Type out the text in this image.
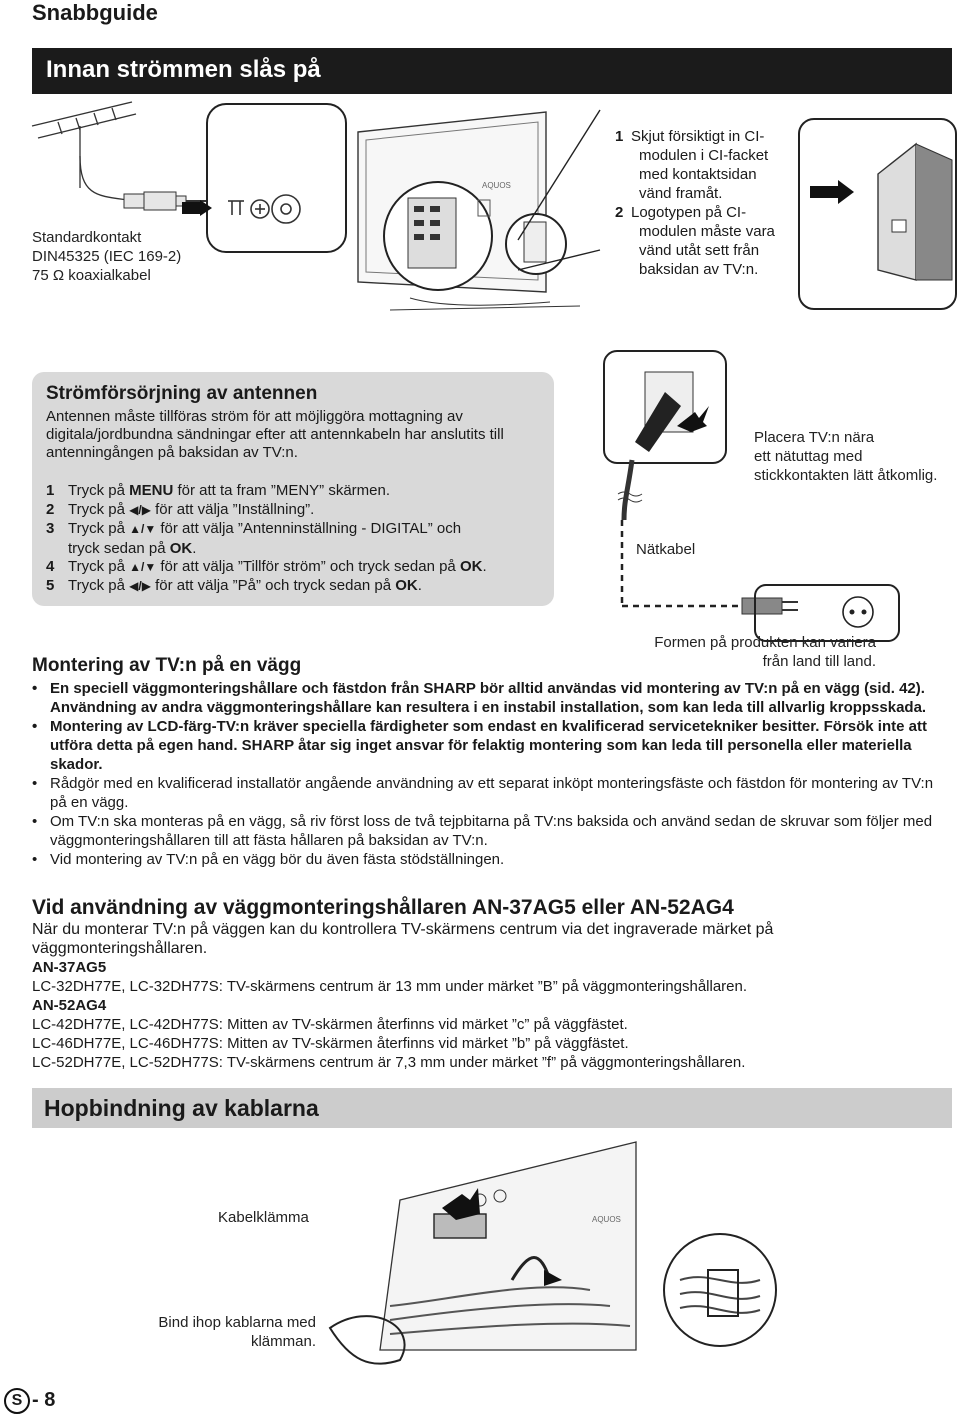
Snabbguide
Innan strömmen slås på
Standardkontakt
DIN45325 (IEC 169-2)
75 Ω koaxialkabel
AQUOS
1 Skjut försiktigt in CI-
modulen i CI-facket
med kontaktsidan
vänd framåt.
2 Logotypen på CI-
modulen måste vara
vänd utåt sett från
baksidan av TV:n.
Strömförsörjning av antennen
Antennen måste tillföras ström för att möjliggöra mottagning av digitala/jordbundna sändningar efter att antennkabeln har anslutits till antenningången på baksidan av TV:n.
1 Tryck på MENU för att ta fram ”MENY” skärmen.
2 Tryck på ◀/▶ för att välja ”Inställning”.
3 Tryck på ▲/▼ för att välja ”Antenninställning - DIGITAL” och
tryck sedan på OK.
4 Tryck på ▲/▼ för att välja ”Tillför ström” och tryck sedan på OK.
5 Tryck på ◀/▶ för att välja ”På” och tryck sedan på OK.
Placera TV:n nära
ett nätuttag med
stickkontakten lätt åtkomlig.
Nätkabel
Formen på produkten kan variera
från land till land.
Montering av TV:n på en vägg
• En speciell väggmonteringshållare och fästdon från SHARP bör alltid användas vid montering av TV:n på en vägg (sid. 42). Användning av andra väggmonteringshållare kan resultera i en instabil installation, som kan leda till allvarlig kroppsskada.
• Montering av LCD-färg-TV:n kräver speciella färdigheter som endast en kvalificerad servicetekniker besitter. Försök inte att utföra detta på egen hand. SHARP åtar sig inget ansvar för felaktig montering som kan leda till personella eller materiella skador.
• Rådgör med en kvalificerad installatör angående användning av ett separat inköpt monteringsfäste och fästdon för montering av TV:n på en vägg.
• Om TV:n ska monteras på en vägg, så riv först loss de två tejpbitarna på TV:ns baksida och använd sedan de skruvar som följer med väggmonteringshållaren till att fästa hållaren på baksidan av TV:n.
• Vid montering av TV:n på en vägg bör du även fästa stödställningen.
Vid användning av väggmonteringshållaren AN-37AG5 eller AN-52AG4
När du monterar TV:n på väggen kan du kontrollera TV-skärmens centrum via det ingraverade märket på
väggmonteringshållaren.
AN-37AG5
LC-32DH77E, LC-32DH77S: TV-skärmens centrum är 13 mm under märket ”B” på väggmonteringshållaren.
AN-52AG4
LC-42DH77E, LC-42DH77S: Mitten av TV-skärmen återfinns vid märket ”c” på väggfästet.
LC-46DH77E, LC-46DH77S: Mitten av TV-skärmen återfinns vid märket ”b” på väggfästet.
LC-52DH77E, LC-52DH77S: TV-skärmens centrum är 7,3 mm under märket ”f” på väggmonteringshållaren.
Hopbindning av kablarna
AQUOS
Kabelklämma
Bind ihop kablarna med
klämman.
S - 8
